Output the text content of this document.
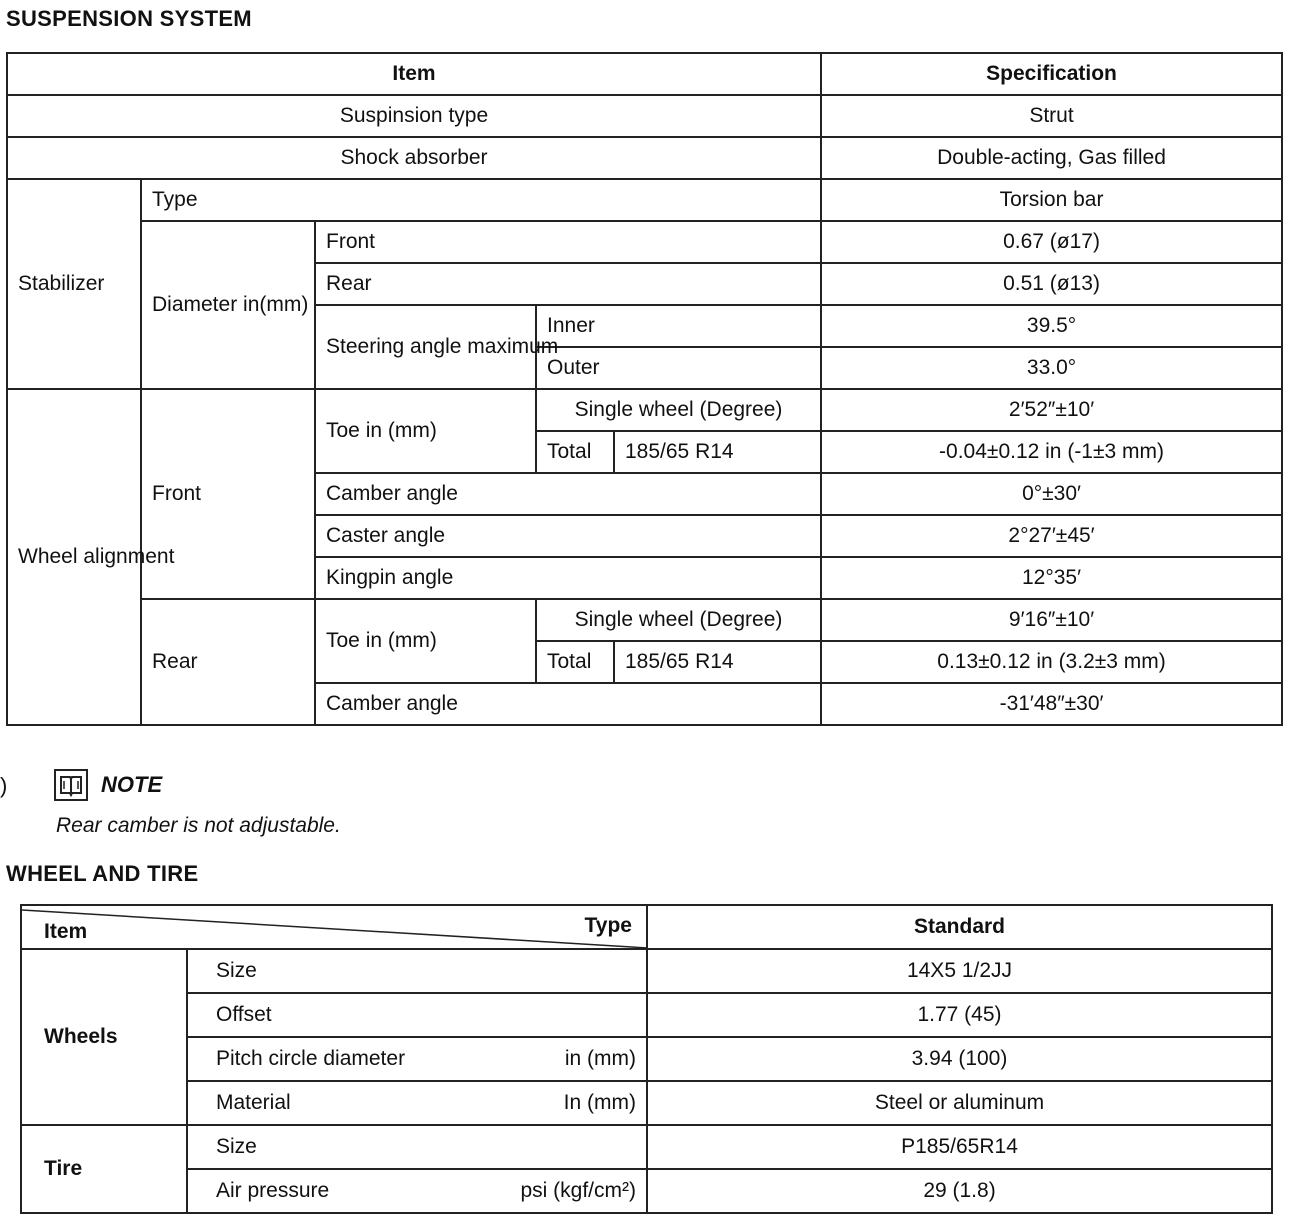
SUSPENSION SYSTEM
Item					Specification
Suspinsion type					Strut
Shock absorber					Double-acting, Gas filled
Stabilizer	Type				Torsion bar
	Diameter in(mm)	Front			0.67 (ø17)
		Rear			0.51 (ø13)
		Steering angle maximum	Inner		39.5°
			Outer		33.0°
Wheel alignment	Front	Toe in (mm)	Single wheel (Degree)		2′52″±10′
			Total	185/65 R14	-0.04±0.12 in (-1±3 mm)
		Camber angle			0°±30′
		Caster angle			2°27′±45′
		Kingpin angle			12°35′
	Rear	Toe in (mm)	Single wheel (Degree)		9′16″±10′
			Total	185/65 R14	0.13±0.12 in (3.2±3 mm)
		Camber angle			-31′48″±30′
)	NOTE
Rear camber is not adjustable.
WHEEL AND TIRE
Type
Item		Standard
Wheels	Size	14X5 1/2JJ
	Offset	1.77 (45)

	Pitch circle diameter in (mm)	3.94 (100)

	Material In (mm)	Steel or aluminum
Tire	Size	P185/65R14

	Air pressure psi (kgf/cm²)	29 (1.8)
